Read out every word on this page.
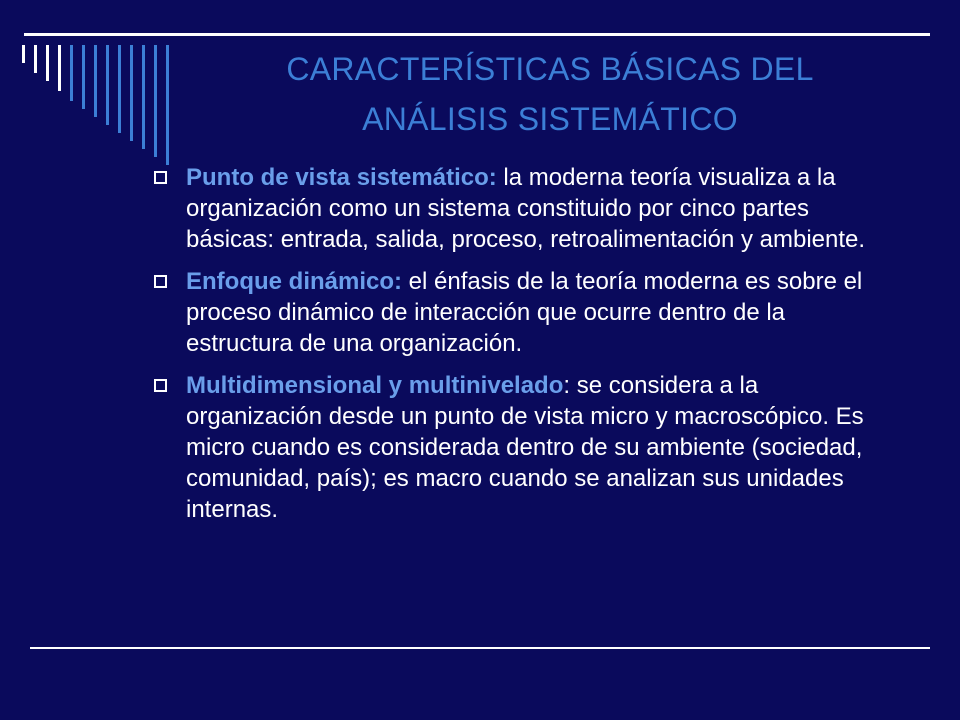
CARACTERÍSTICAS BÁSICAS DEL
ANÁLISIS SISTEMÁTICO
Punto de vista sistemático: la moderna teoría visualiza a la organización como un sistema constituido por cinco partes básicas: entrada, salida, proceso, retroalimentación y ambiente.
Enfoque dinámico: el énfasis de la teoría moderna es sobre el proceso dinámico de interacción que ocurre dentro de la estructura de una organización.
Multidimensional y multinivelado: se considera a la organización desde un punto de vista micro y macroscópico. Es micro cuando es considerada dentro de su ambiente (sociedad, comunidad, país); es macro cuando se analizan sus unidades internas.
